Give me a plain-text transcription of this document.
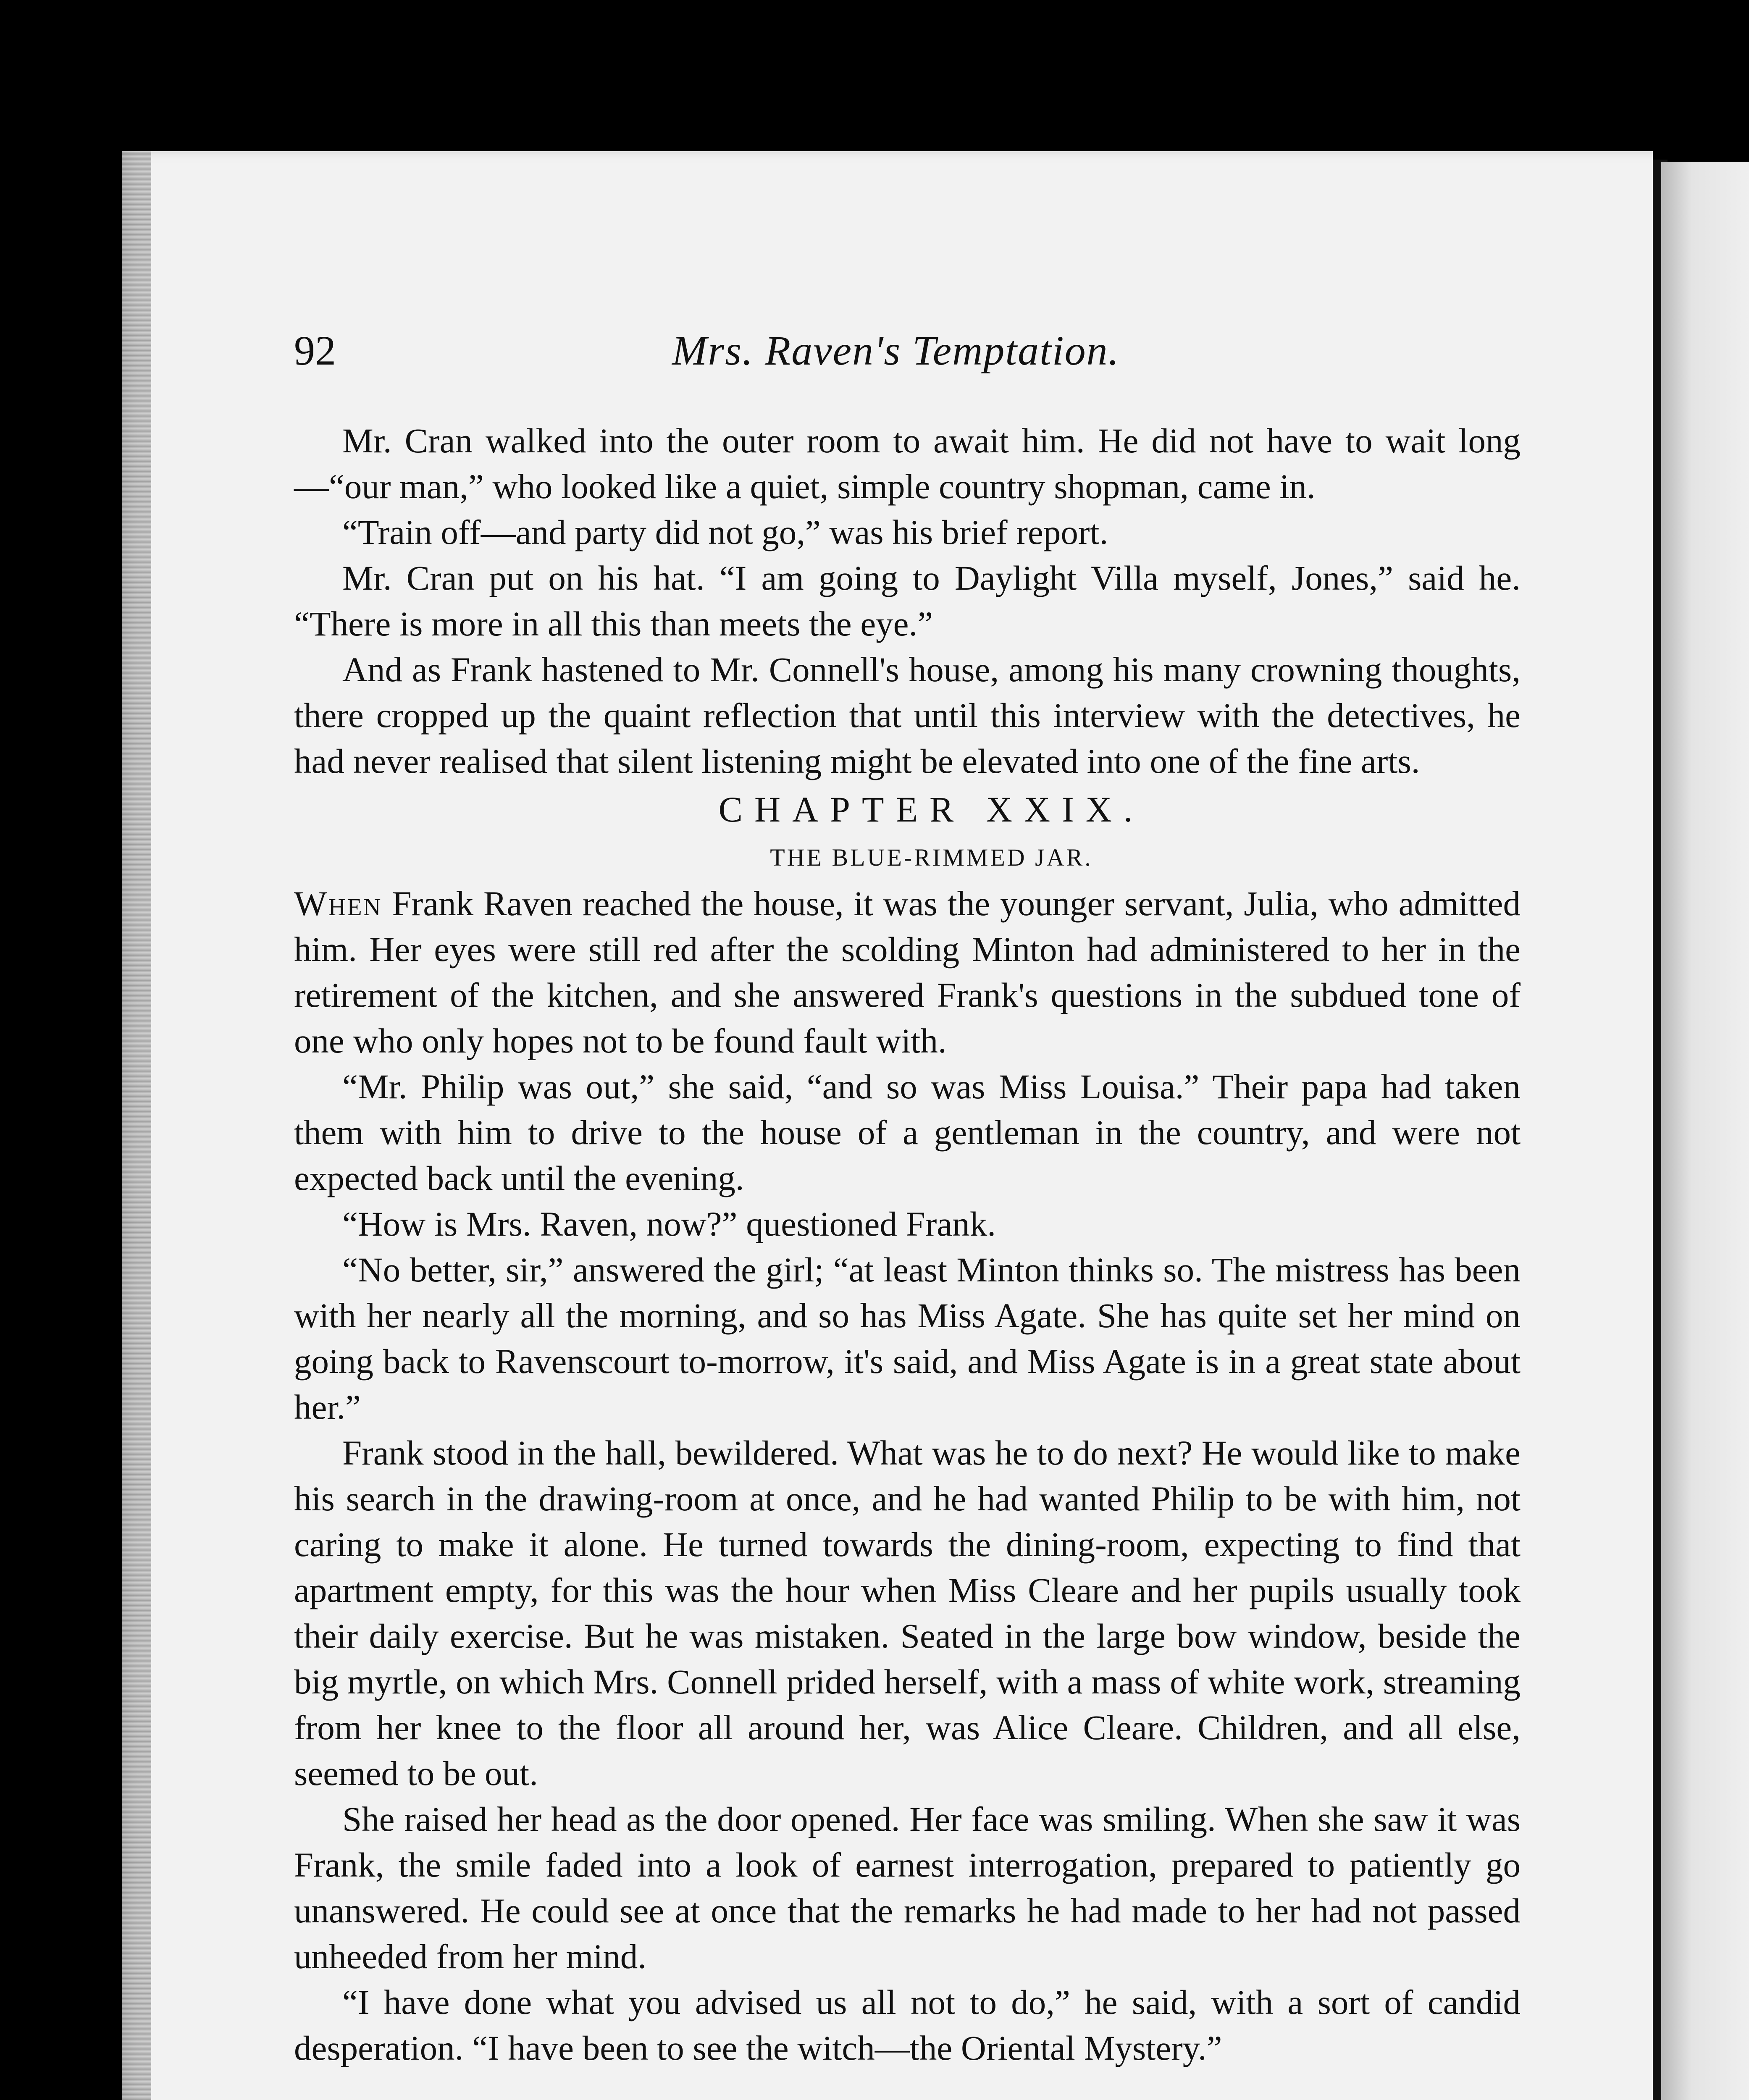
92	Mrs. Raven's Temptation.

Mr. Cran walked into the outer room to await him. He did not have to wait long—“our man,” who looked like a quiet, simple country shopman, came in.

“Train off—and party did not go,” was his brief report.

Mr. Cran put on his hat. “I am going to Daylight Villa myself, Jones,” said he. “There is more in all this than meets the eye.”

And as Frank hastened to Mr. Connell's house, among his many crowning thoughts, there cropped up the quaint reflection that until this interview with the detectives, he had never realised that silent listening might be elevated into one of the fine arts.

CHAPTER XXIX.

THE BLUE-RIMMED JAR.

When Frank Raven reached the house, it was the younger servant, Julia, who admitted him. Her eyes were still red after the scolding Minton had administered to her in the retirement of the kitchen, and she answered Frank's questions in the subdued tone of one who only hopes not to be found fault with.

“Mr. Philip was out,” she said, “and so was Miss Louisa.” Their papa had taken them with him to drive to the house of a gentleman in the country, and were not expected back until the evening.

“How is Mrs. Raven, now?” questioned Frank.

“No better, sir,” answered the girl; “at least Minton thinks so. The mistress has been with her nearly all the morning, and so has Miss Agate. She has quite set her mind on going back to Ravenscourt to-morrow, it's said, and Miss Agate is in a great state about her.”

Frank stood in the hall, bewildered. What was he to do next? He would like to make his search in the drawing-room at once, and he had wanted Philip to be with him, not caring to make it alone. He turned towards the dining-room, expecting to find that apartment empty, for this was the hour when Miss Cleare and her pupils usually took their daily exercise. But he was mistaken. Seated in the large bow window, beside the big myrtle, on which Mrs. Connell prided herself, with a mass of white work, streaming from her knee to the floor all around her, was Alice Cleare. Children, and all else, seemed to be out.

She raised her head as the door opened. Her face was smiling. When she saw it was Frank, the smile faded into a look of earnest interrogation, prepared to patiently go unanswered. He could see at once that the remarks he had made to her had not passed unheeded from her mind.

“I have done what you advised us all not to do,” he said, with a sort of candid desperation. “I have been to see the witch—the Oriental Mystery.”
